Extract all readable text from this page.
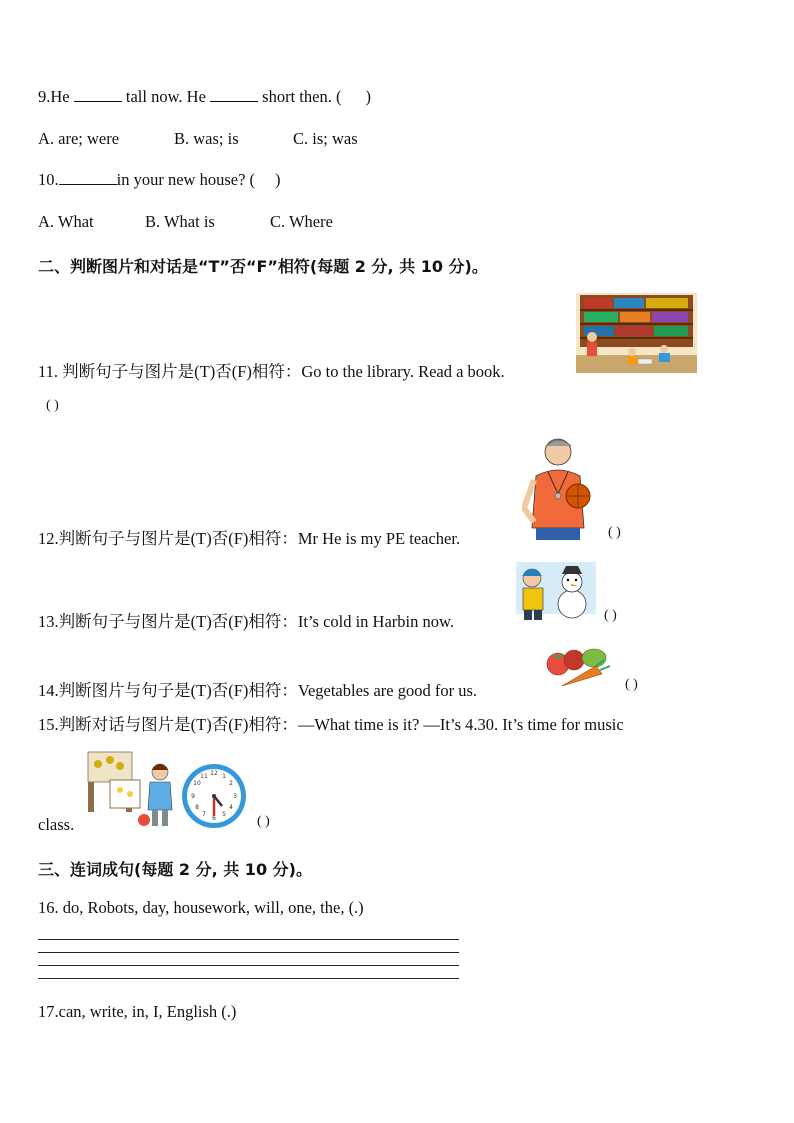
9.He	tall now. He	short then. ( )
A. are; were	B. was; is	C. is; was
10.	in your new house? ( )
A. What	B. What is	C. Where
二、判断图片和对话是“T”否“F”相符(每题 2 分, 共 10 分)。
11. 判断句子与图片是(T)否(F)相符：Go to the library. Read a book.
( )
12.判断句子与图片是(T)否(F)相符：Mr He is my PE teacher.	( )
13.判断句子与图片是(T)否(F)相符：It’s cold in Harbin now.	( )
14.判断图片与句子是(T)否(F)相符：Vegetables are good for us.	( )
15.判断对话与图片是(T)否(F)相符：—What time is it? —It’s 4.30. It’s time for music
12 1
2
3
4
5
6
7
8
9
10
11
class.	( )
三、连词成句(每题 2 分, 共 10 分)。
16. do, Robots, day, housework, will, one, the, (.)
17.can, write, in, I, English (.)
